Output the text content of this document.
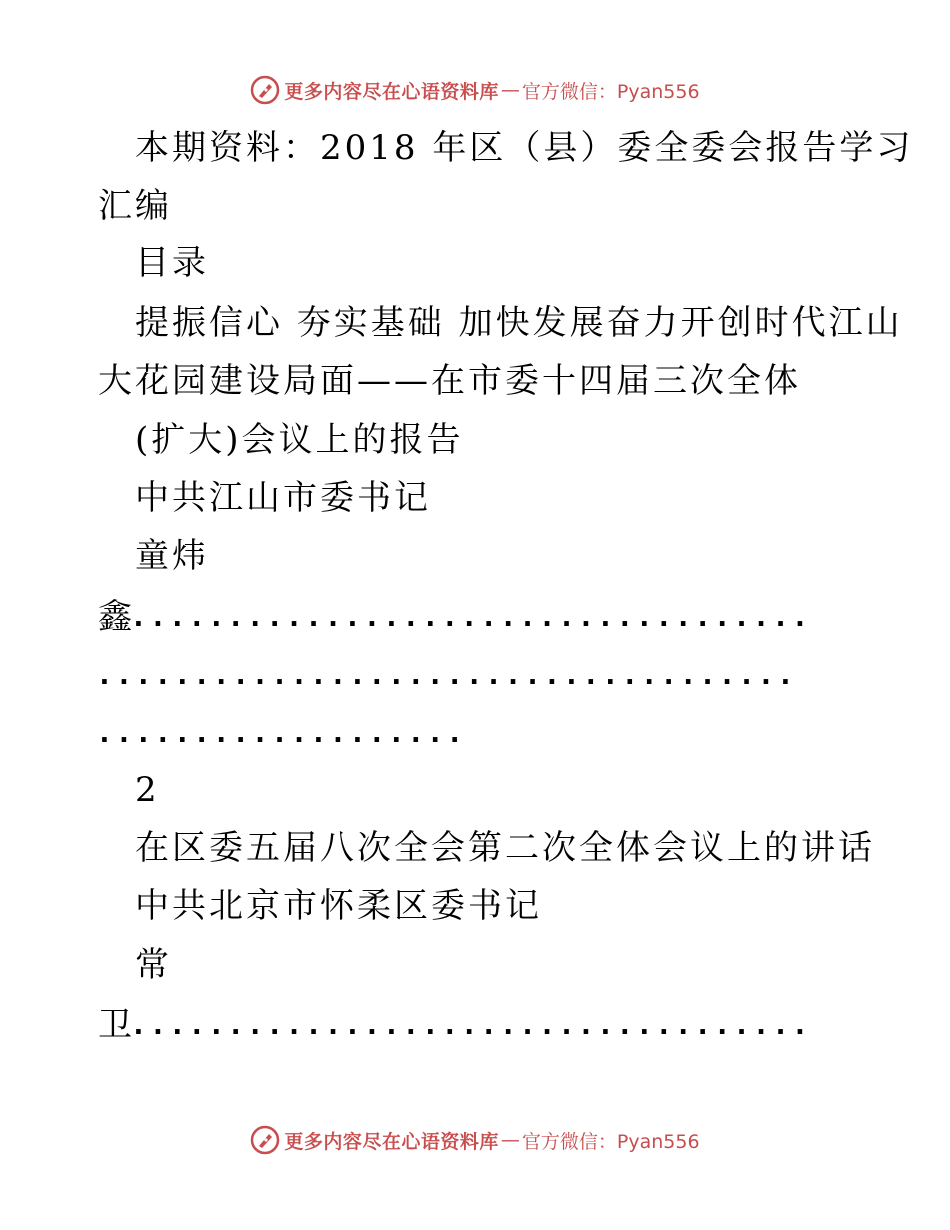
更多内容尽在心语资料库 — 官方微信：Pyan556
本期资料：2018 年区（县）委全委会报告学习
汇编
目录
提振信心 夯实基础 加快发展奋力开创时代江山
大花园建设局面——在市委十四届三次全体
(扩大)会议上的报告
中共江山市委书记
童炜
鑫
...................................
....................................
...................
2
在区委五届八次全会第二次全体会议上的讲话
中共北京市怀柔区委书记
常
卫
...................................
更多内容尽在心语资料库 — 官方微信：Pyan556
